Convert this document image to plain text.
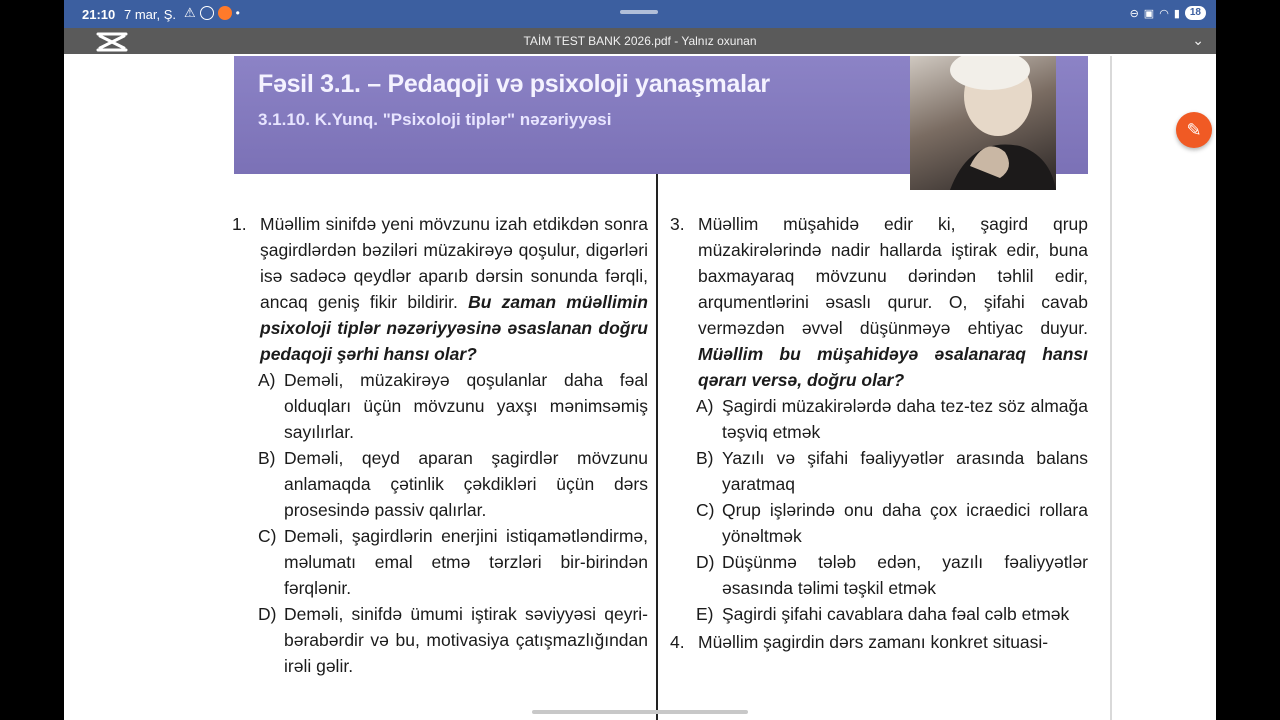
21:10 7 mar, Ş. ⚠	•	⊖ ▣ ◠ ▮	18
TAİM TEST BANK 2026.pdf - Yalnız oxunan	⌄
Fəsil 3.1. – Pedaqoji və psixoloji yanaşmalar
3.1.10. K.Yunq. "Psixoloji tiplər" nəzəriyyəsi
1. Müəllim sinifdə yeni mövzunu izah etdikdən sonra şagirdlərdən bəziləri müzakirəyə qoşulur, digərləri isə sadəcə qeydlər aparıb dərsin sonunda fərqli, ancaq geniş fikir bildirir. Bu zaman müəllimin psixoloji tiplər nəzəriyyəsinə əsaslanan doğru pedaqoji şərhi hansı olar?
A) Deməli, müzakirəyə qoşulanlar daha fəal olduqları üçün mövzunu yaxşı mənimsəmiş sayılırlar.
B) Deməli, qeyd aparan şagirdlər mövzunu anlamaqda çətinlik çəkdikləri üçün dərs prosesində passiv qalırlar.
C) Deməli, şagirdlərin enerjini istiqamətləndirmə, məlumatı emal etmə tərzləri bir-birindən fərqlənir.
D) Deməli, sinifdə ümumi iştirak səviyyəsi qeyri-bərabərdir və bu, motivasiya çatışmazlığından irəli gəlir.
3. Müəllim müşahidə edir ki, şagird qrup müzakirələrində nadir hallarda iştirak edir, buna baxmayaraq mövzunu dərindən təhlil edir, arqumentlərini əsaslı qurur. O, şifahi cavab verməzdən əvvəl düşünməyə ehtiyac duyur. Müəllim bu müşahidəyə əsalanaraq hansı qərarı versə, doğru olar?
A) Şagirdi müzakirələrdə daha tez-tez söz almağa təşviq etmək
B) Yazılı və şifahi fəaliyyətlər arasında balans yaratmaq
C) Qrup işlərində onu daha çox icraedici rollara yönəltmək
D) Düşünmə tələb edən, yazılı fəaliyyətlər əsasında təlimi təşkil etmək
E) Şagirdi şifahi cavablara daha fəal cəlb etmək
4. Müəllim şagirdin dərs zamanı konkret situasi-
✎
